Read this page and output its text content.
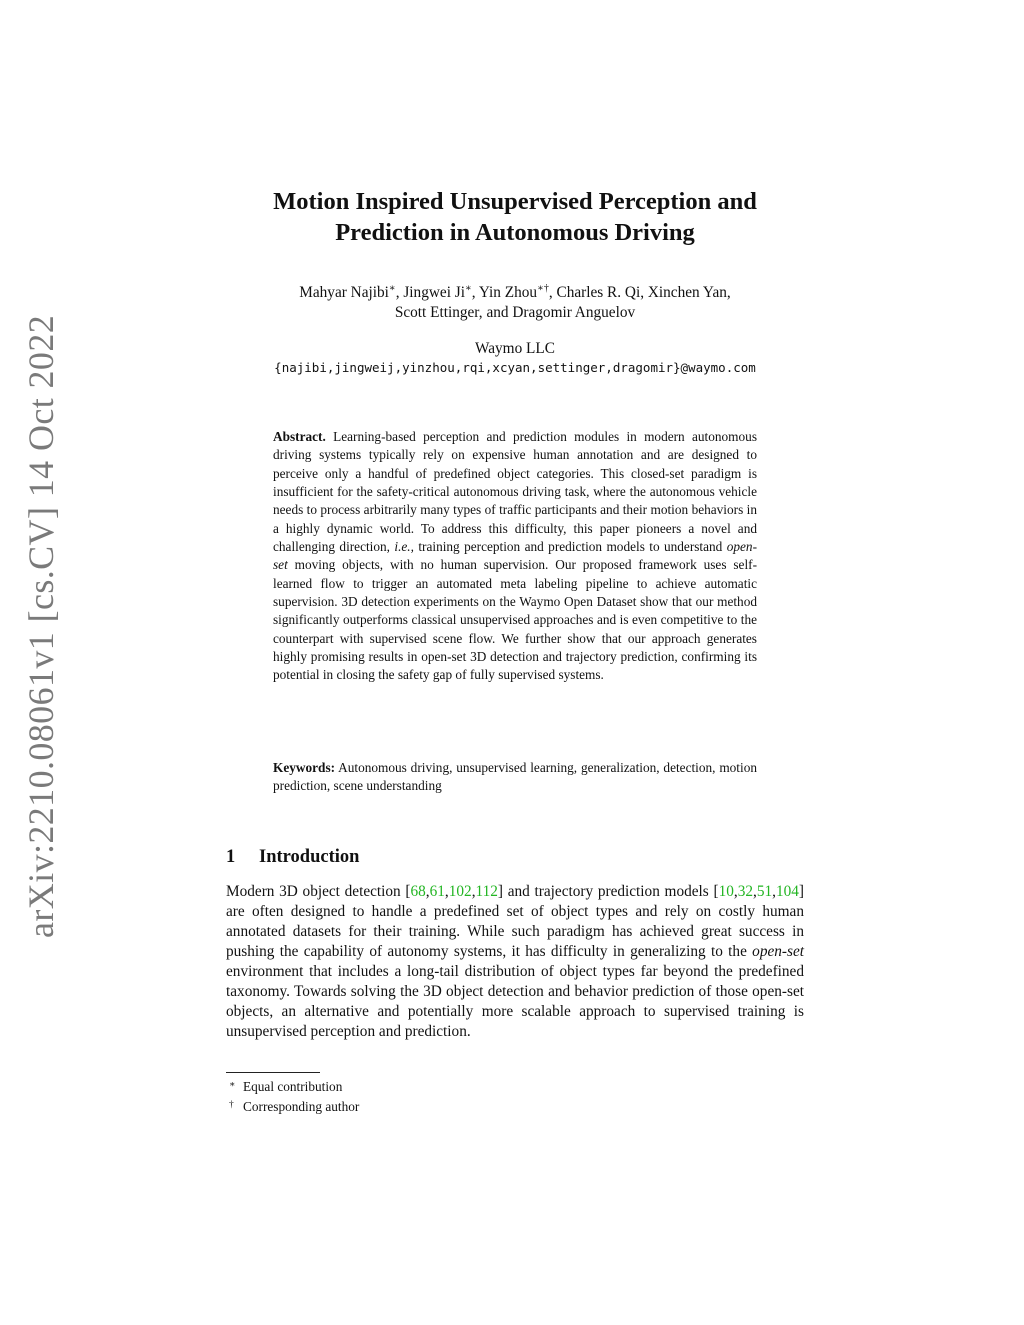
arXiv:2210.08061v1 [cs.CV] 14 Oct 2022
Motion Inspired Unsupervised Perception and
Prediction in Autonomous Driving
Mahyar Najibi∗, Jingwei Ji∗, Yin Zhou∗†, Charles R. Qi, Xinchen Yan,
Scott Ettinger, and Dragomir Anguelov
Waymo LLC
{najibi,jingweij,yinzhou,rqi,xcyan,settinger,dragomir}@waymo.com
Abstract. Learning-based perception and prediction modules in modern autonomous driving systems typically rely on expensive human annotation and are designed to perceive only a handful of predefined object categories. This closed-set paradigm is insufficient for the safety-critical autonomous driving task, where the autonomous vehicle needs to process arbitrarily many types of traffic participants and their motion behaviors in a highly dynamic world. To address this difficulty, this paper pioneers a novel and challenging direction, i.e., training perception and prediction models to understand open-set moving objects, with no human supervision. Our proposed framework uses self-learned flow to trigger an automated meta labeling pipeline to achieve automatic supervision. 3D detection experiments on the Waymo Open Dataset show that our method significantly outperforms classical unsupervised approaches and is even competitive to the counterpart with supervised scene flow. We further show that our approach generates highly promising results in open-set 3D detection and trajectory prediction, confirming its potential in closing the safety gap of fully supervised systems.
Keywords: Autonomous driving, unsupervised learning, generalization, detection, motion prediction, scene understanding
1 Introduction
Modern 3D object detection [68,61,102,112] and trajectory prediction models [10,32,51,104] are often designed to handle a predefined set of object types and rely on costly human annotated datasets for their training. While such paradigm has achieved great success in pushing the capability of autonomy systems, it has difficulty in generalizing to the open-set environment that includes a long-tail distribution of object types far beyond the predefined taxonomy. Towards solving the 3D object detection and behavior prediction of those open-set objects, an alternative and potentially more scalable approach to supervised training is unsupervised perception and prediction.
∗ Equal contribution
† Corresponding author
